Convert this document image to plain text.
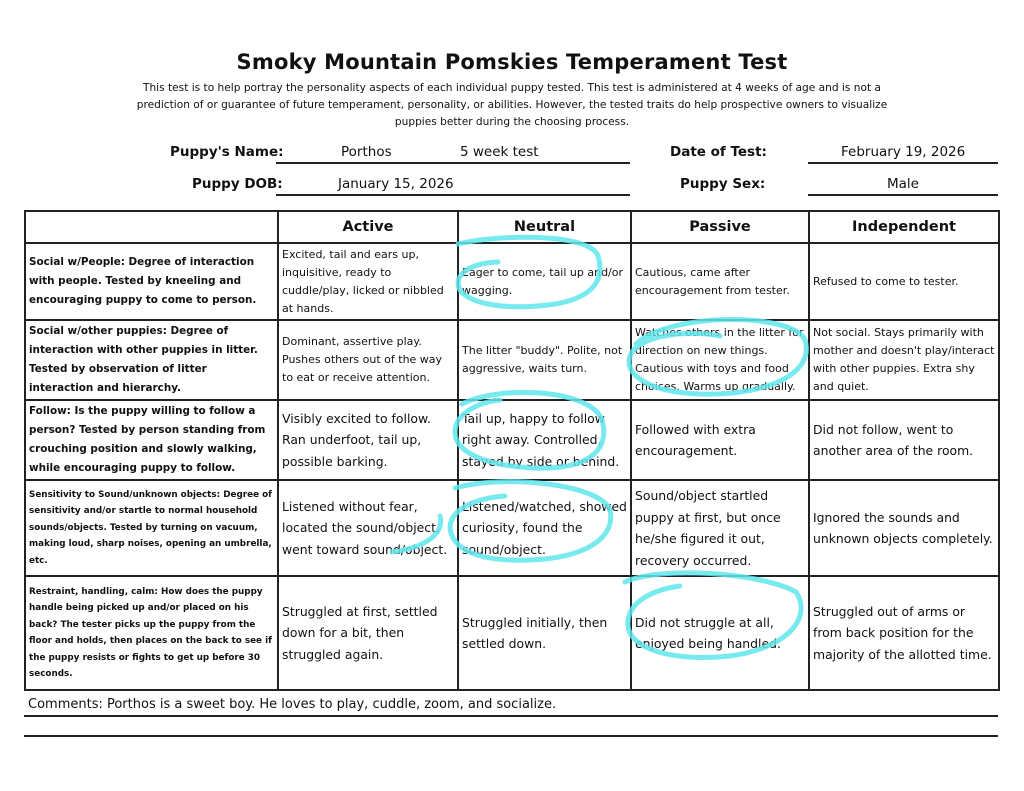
Smoky Mountain Pomskies Temperament Test
This test is to help portray the personality aspects of each individual puppy tested. This test is administered at 4 weeks of age and is not a prediction of or guarantee of future temperament, personality, or abilities. However, the tested traits do help prospective owners to visualize puppies better during the choosing process.
Puppy's Name:	Porthos	5 week test	Date of Test:	February 19, 2026
Puppy DOB:	January 15, 2026	Puppy Sex:	Male
	Active	Neutral	Passive	Independent
Social w/People: Degree of interaction with people. Tested by kneeling and encouraging puppy to come to person.	Excited, tail and ears up, inquisitive, ready to cuddle/play, licked or nibbled at hands.	Eager to come, tail up and/or wagging.	Cautious, came after encouragement from tester.	Refused to come to tester.
Social w/other puppies: Degree of interaction with other puppies in litter. Tested by observation of litter interaction and hierarchy.	Dominant, assertive play. Pushes others out of the way to eat or receive attention.	The litter "buddy". Polite, not aggressive, waits turn.	Watches others in the litter for direction on new things. Cautious with toys and food choices. Warms up gradually.	Not social. Stays primarily with mother and doesn't play/interact with other puppies. Extra shy and quiet.
Follow: Is the puppy willing to follow a person? Tested by person standing from crouching position and slowly walking, while encouraging puppy to follow.	Visibly excited to follow. Ran underfoot, tail up, possible barking.	Tail up, happy to follow right away. Controlled, stayed by side or behind.	Followed with extra encouragement.	Did not follow, went to another area of the room.
Sensitivity to Sound/unknown objects: Degree of sensitivity and/or startle to normal household sounds/objects. Tested by turning on vacuum, making loud, sharp noises, opening an umbrella, etc.	Listened without fear, located the sound/object, went toward sound/object.	Listened/watched, showed curiosity, found the sound/object.	Sound/object startled puppy at first, but once he/she figured it out, recovery occurred.	Ignored the sounds and unknown objects completely.
Restraint, handling, calm: How does the puppy handle being picked up and/or placed on his back? The tester picks up the puppy from the floor and holds, then places on the back to see if the puppy resists or fights to get up before 30 seconds.	Struggled at first, settled down for a bit, then struggled again.	Struggled initially, then settled down.	Did not struggle at all, enjoyed being handled.	Struggled out of arms or from back position for the majority of the allotted time.
Comments: Porthos is a sweet boy. He loves to play, cuddle, zoom, and socialize.
